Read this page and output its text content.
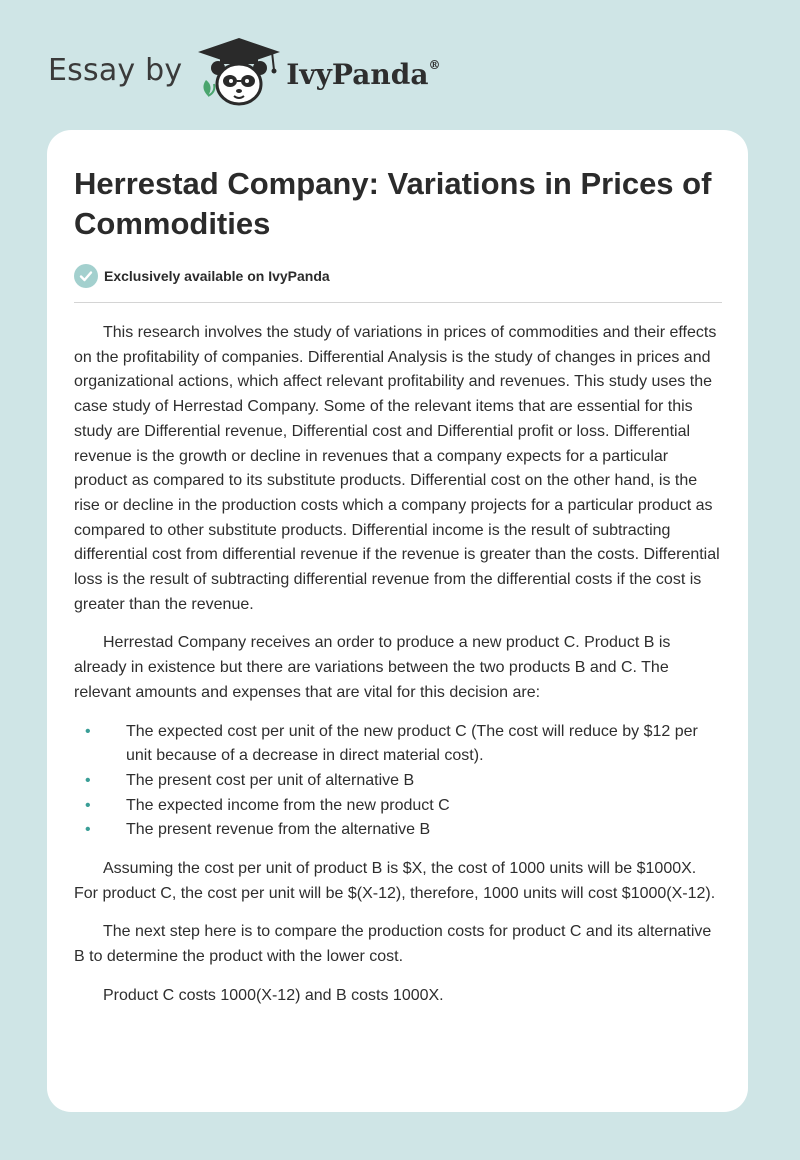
Essay by	IvyPanda®
Herrestad Company: Variations in Prices of Commodities
Exclusively available on IvyPanda

This research involves the study of variations in prices of commodities and their effects on the profitability of companies. Differential Analysis is the study of changes in prices and organizational actions, which affect relevant profitability and revenues. This study uses the case study of Herrestad Company. Some of the relevant items that are essential for this study are Differential revenue, Differential cost and Differential profit or loss. Differential revenue is the growth or decline in revenues that a company expects for a particular product as compared to its substitute products. Differential cost on the other hand, is the rise or decline in the production costs which a company projects for a particular product as compared to other substitute products. Differential income is the result of subtracting differential cost from differential revenue if the revenue is greater than the costs. Differential loss is the result of subtracting differential revenue from the differential costs if the cost is greater than the revenue.

Herrestad Company receives an order to produce a new product C. Product B is already in existence but there are variations between the two products B and C. The relevant amounts and expenses that are vital for this decision are:

• The expected cost per unit of the new product C (The cost will reduce by $12 per unit because of a decrease in direct material cost).
• The present cost per unit of alternative B
• The expected income from the new product C
• The present revenue from the alternative B

Assuming the cost per unit of product B is $X, the cost of 1000 units will be $1000X. For product C, the cost per unit will be $(X-12), therefore, 1000 units will cost $1000(X-12).

The next step here is to compare the production costs for product C and its alternative B to determine the product with the lower cost.

Product C costs 1000(X-12) and B costs 1000X.
